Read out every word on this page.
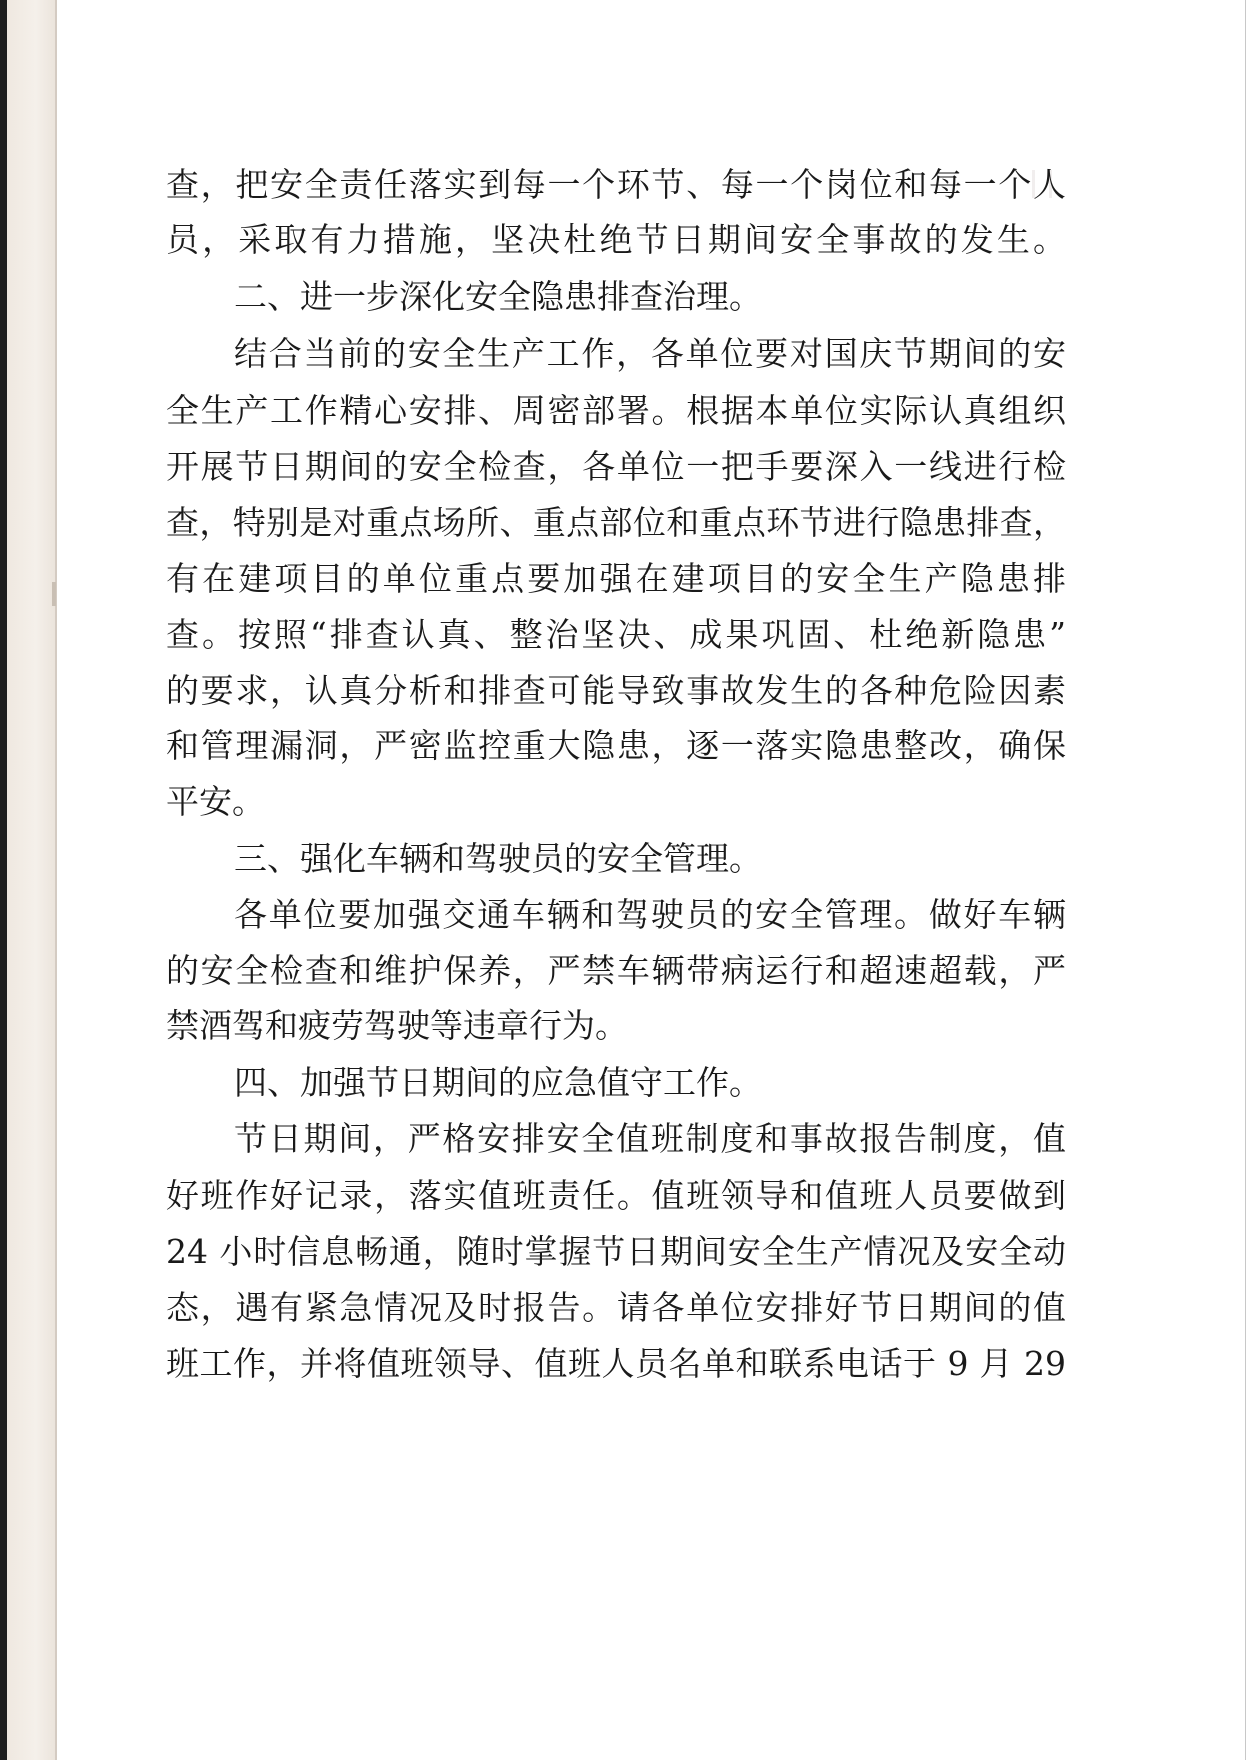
查，把安全责任落实到每一个环节、每一个岗位和每一个人
员，采取有力措施，坚决杜绝节日期间安全事故的发生。
二、进一步深化安全隐患排查治理。
结合当前的安全生产工作，各单位要对国庆节期间的安
全生产工作精心安排、周密部署。根据本单位实际认真组织
开展节日期间的安全检查，各单位一把手要深入一线进行检
查，特别是对重点场所、重点部位和重点环节进行隐患排查，
有在建项目的单位重点要加强在建项目的安全生产隐患排
查。按照“排查认真、整治坚决、成果巩固、杜绝新隐患”
的要求，认真分析和排查可能导致事故发生的各种危险因素
和管理漏洞，严密监控重大隐患，逐一落实隐患整改，确保
平安。
三、强化车辆和驾驶员的安全管理。
各单位要加强交通车辆和驾驶员的安全管理。做好车辆
的安全检查和维护保养，严禁车辆带病运行和超速超载，严
禁酒驾和疲劳驾驶等违章行为。
四、加强节日期间的应急值守工作。
节日期间，严格安排安全值班制度和事故报告制度，值
好班作好记录，落实值班责任。值班领导和值班人员要做到
24 小时信息畅通，随时掌握节日期间安全生产情况及安全动
态，遇有紧急情况及时报告。请各单位安排好节日期间的值
班工作，并将值班领导、值班人员名单和联系电话于 9 月 29
